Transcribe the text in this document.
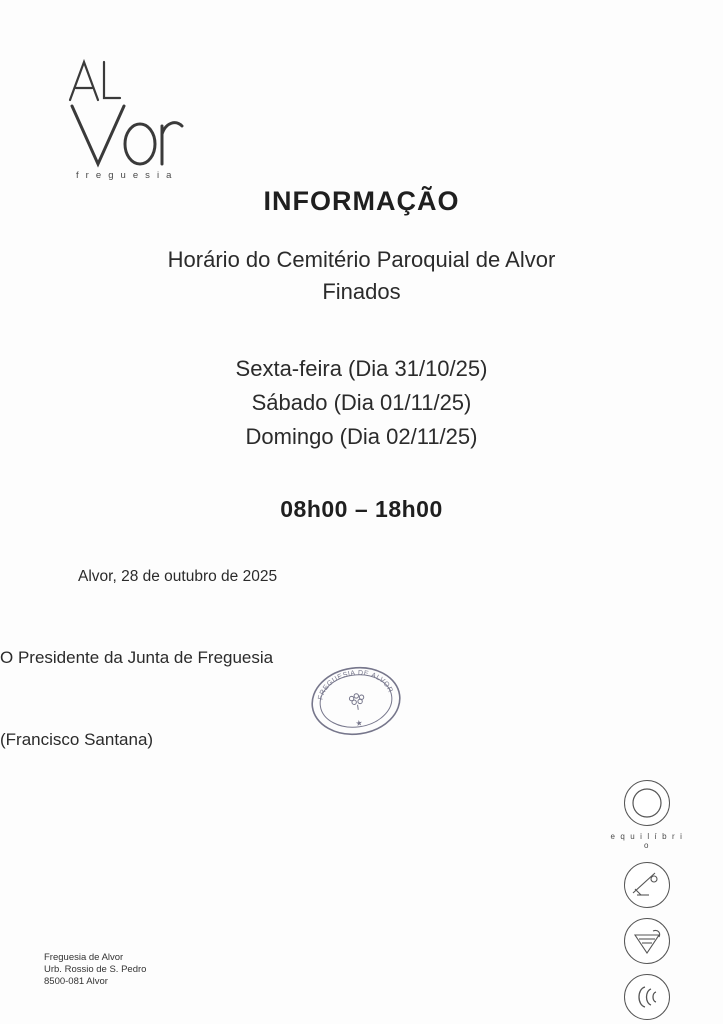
f r e g u e s i a
INFORMAÇÃO
Horário do Cemitério Paroquial de Alvor
Finados
Sexta-feira (Dia 31/10/25)
Sábado (Dia 01/11/25)
Domingo (Dia 02/11/25)
08h00 – 18h00
Alvor, 28 de outubro de 2025
O Presidente da Junta de Freguesia
FREGUESIA DE ALVOR
★
(Francisco Santana)
Freguesia de Alvor
Urb. Rossio de S. Pedro
8500-081 Alvor
e q u i l í b r i o
